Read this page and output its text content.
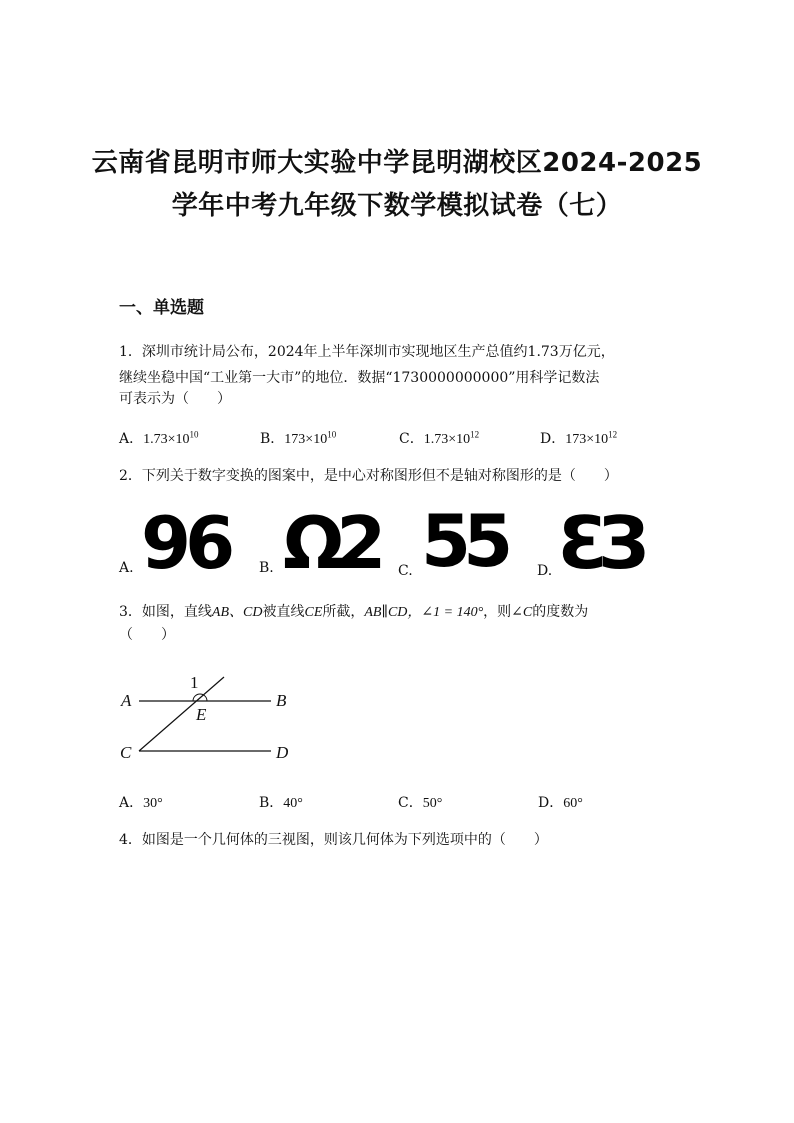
云南省昆明市师大实验中学昆明湖校区2024-2025
学年中考九年级下数学模拟试卷（七）
一、单选题
1．深圳市统计局公布，2024年上半年深圳市实现地区生产总值约1.73万亿元，
继续坐稳中国“工业第一大市”的地位．数据“1730000000000”用科学记数法
可表示为（　　）
A．$1.73\times 10^{10}$	B．$173\times 10^{10}$	C．$1.73\times 10^{12}$	D．$173\times 10^{12}$
2．下列关于数字变换的图案中，是中心对称图形但不是轴对称图形的是（　　）
A. 96 B. Ω2 C. 55 D. ƐЗ
3．如图，直线AB、CD被直线CE所截，AB∥CD，∠1 = 140°，则∠C的度数为
（　　）
A	B
C	D
E
1
A．30°	B．40°	C．50°	D．60°
4．如图是一个几何体的三视图，则该几何体为下列选项中的（　　）
